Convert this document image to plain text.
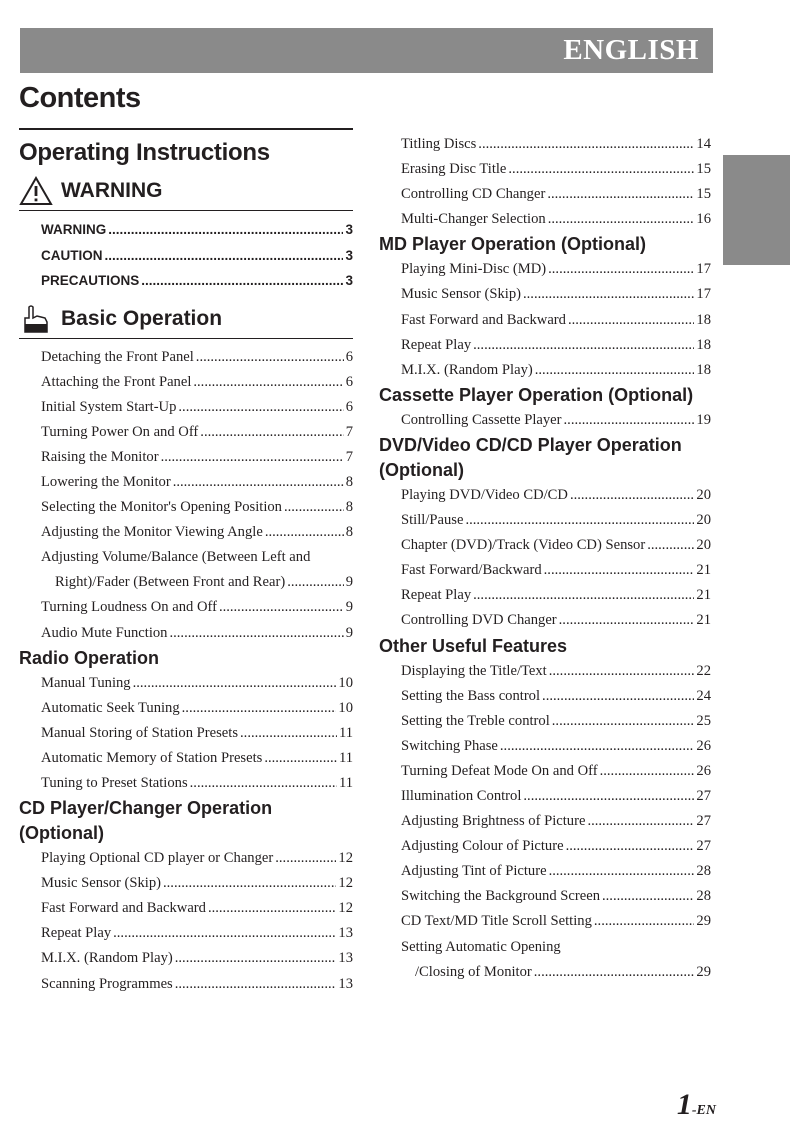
ENGLISH
Contents
Operating Instructions
WARNING
WARNING .....	3
CAUTION .....	3
PRECAUTIONS .....	3
Basic Operation
Detaching the Front Panel .....	6
Attaching the Front Panel .....	6
Initial System Start-Up .....	6
Turning Power On and Off .....	7
Raising the Monitor .....	7
Lowering the Monitor .....	8
Selecting the Monitor's Opening Position .....	8
Adjusting the Monitor Viewing Angle .....	8
Adjusting Volume/Balance (Between Left and
Right)/Fader (Between Front and Rear) .....	9
Turning Loudness On and Off .....	9
Audio Mute Function .....	9
Radio Operation
Manual Tuning .....	10
Automatic Seek Tuning .....	10
Manual Storing of Station Presets .....	11
Automatic Memory of Station Presets .....	11
Tuning to Preset Stations .....	11
CD Player/Changer Operation
(Optional)
Playing Optional CD player or Changer .....	12
Music Sensor (Skip) .....	12
Fast Forward and Backward .....	12
Repeat Play .....	13
M.I.X. (Random Play) .....	13
Scanning Programmes .....	13
Titling Discs .....	14
Erasing Disc Title .....	15
Controlling CD Changer .....	15
Multi-Changer Selection .....	16
MD Player Operation (Optional)
Playing Mini-Disc (MD) .....	17
Music Sensor (Skip) .....	17
Fast Forward and Backward .....	18
Repeat Play .....	18
M.I.X. (Random Play) .....	18
Cassette Player Operation (Optional)
Controlling Cassette Player .....	19
DVD/Video CD/CD Player Operation
(Optional)
Playing DVD/Video CD/CD .....	20
Still/Pause .....	20
Chapter (DVD)/Track (Video CD) Sensor .....	20
Fast Forward/Backward .....	21
Repeat Play .....	21
Controlling DVD Changer .....	21
Other Useful Features
Displaying the Title/Text .....	22
Setting the Bass control .....	24
Setting the Treble control .....	25
Switching Phase .....	26
Turning Defeat Mode On and Off .....	26
Illumination Control .....	27
Adjusting Brightness of Picture .....	27
Adjusting Colour of Picture .....	27
Adjusting Tint of Picture .....	28
Switching the Background Screen .....	28
CD Text/MD Title Scroll Setting .....	29
Setting Automatic Opening
/Closing of Monitor .....	29
1-EN
